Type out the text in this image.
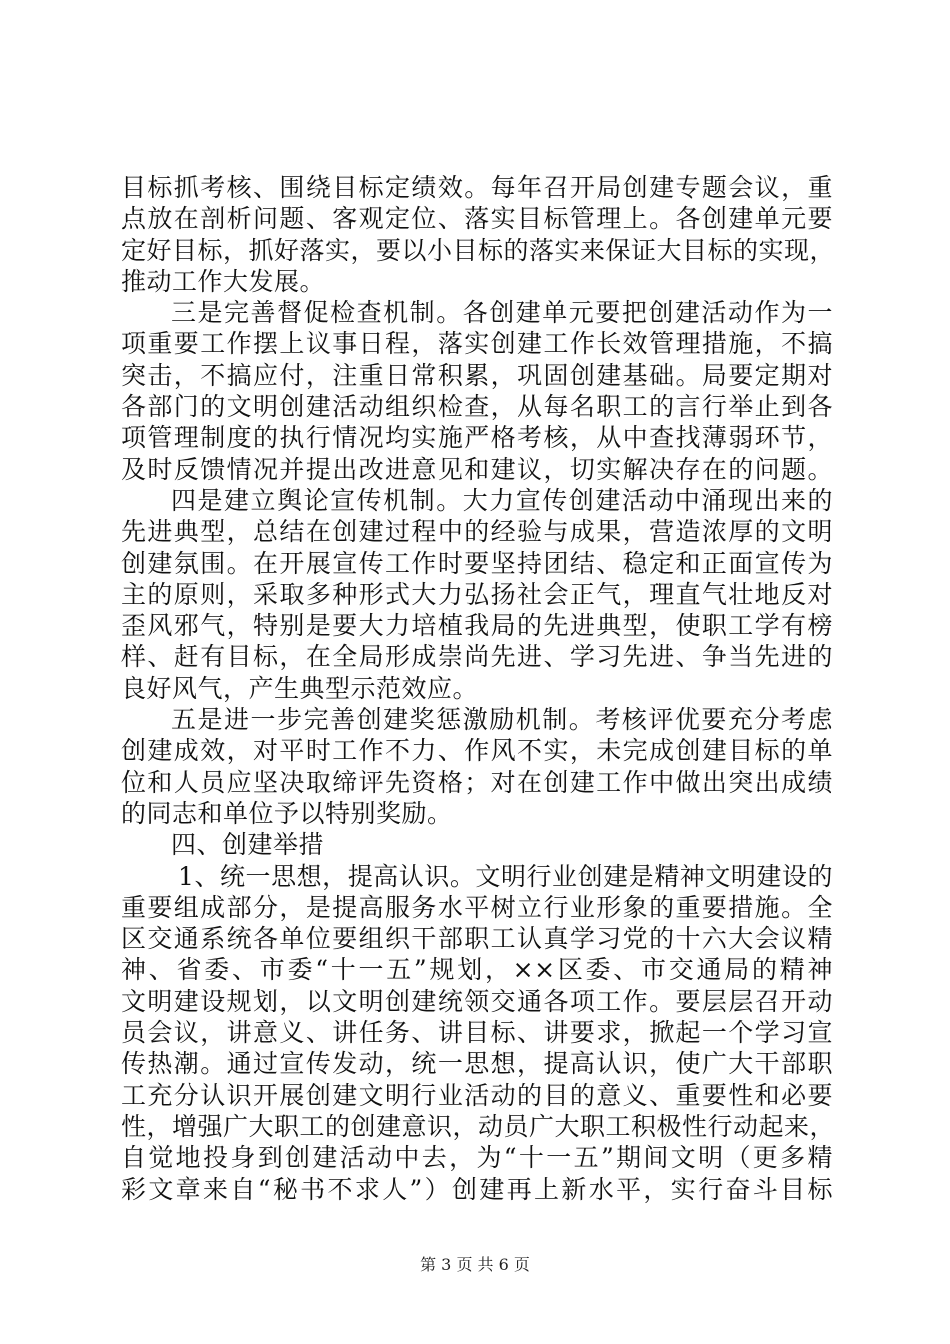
目标抓考核、围绕目标定绩效。每年召开局创建专题会议，重
点放在剖析问题、客观定位、落实目标管理上。各创建单元要
定好目标，抓好落实，要以小目标的落实来保证大目标的实现，
推动工作大发展。
三是完善督促检查机制。各创建单元要把创建活动作为一
项重要工作摆上议事日程，落实创建工作长效管理措施，不搞
突击，不搞应付，注重日常积累，巩固创建基础。局要定期对
各部门的文明创建活动组织检查，从每名职工的言行举止到各
项管理制度的执行情况均实施严格考核，从中查找薄弱环节，
及时反馈情况并提出改进意见和建议，切实解决存在的问题。
四是建立舆论宣传机制。大力宣传创建活动中涌现出来的
先进典型，总结在创建过程中的经验与成果，营造浓厚的文明
创建氛围。在开展宣传工作时要坚持团结、稳定和正面宣传为
主的原则，采取多种形式大力弘扬社会正气，理直气壮地反对
歪风邪气，特别是要大力培植我局的先进典型，使职工学有榜
样、赶有目标，在全局形成崇尚先进、学习先进、争当先进的
良好风气，产生典型示范效应。
五是进一步完善创建奖惩激励机制。考核评优要充分考虑
创建成效，对平时工作不力、作风不实，未完成创建目标的单
位和人员应坚决取缔评先资格；对在创建工作中做出突出成绩
的同志和单位予以特别奖励。
四、创建举措
1、统一思想，提高认识。文明行业创建是精神文明建设的
重要组成部分，是提高服务水平树立行业形象的重要措施。全
区交通系统各单位要组织干部职工认真学习党的十六大会议精
神、省委、市委“十一五”规划，××区委、市交通局的精神
文明建设规划，以文明创建统领交通各项工作。要层层召开动
员会议，讲意义、讲任务、讲目标、讲要求，掀起一个学习宣
传热潮。通过宣传发动，统一思想，提高认识，使广大干部职
工充分认识开展创建文明行业活动的目的意义、重要性和必要
性，增强广大职工的创建意识，动员广大职工积极性行动起来，
自觉地投身到创建活动中去，为“十一五”期间文明（更多精
彩文章来自“秘书不求人”）创建再上新水平，实行奋斗目标
第 3 页 共 6 页
